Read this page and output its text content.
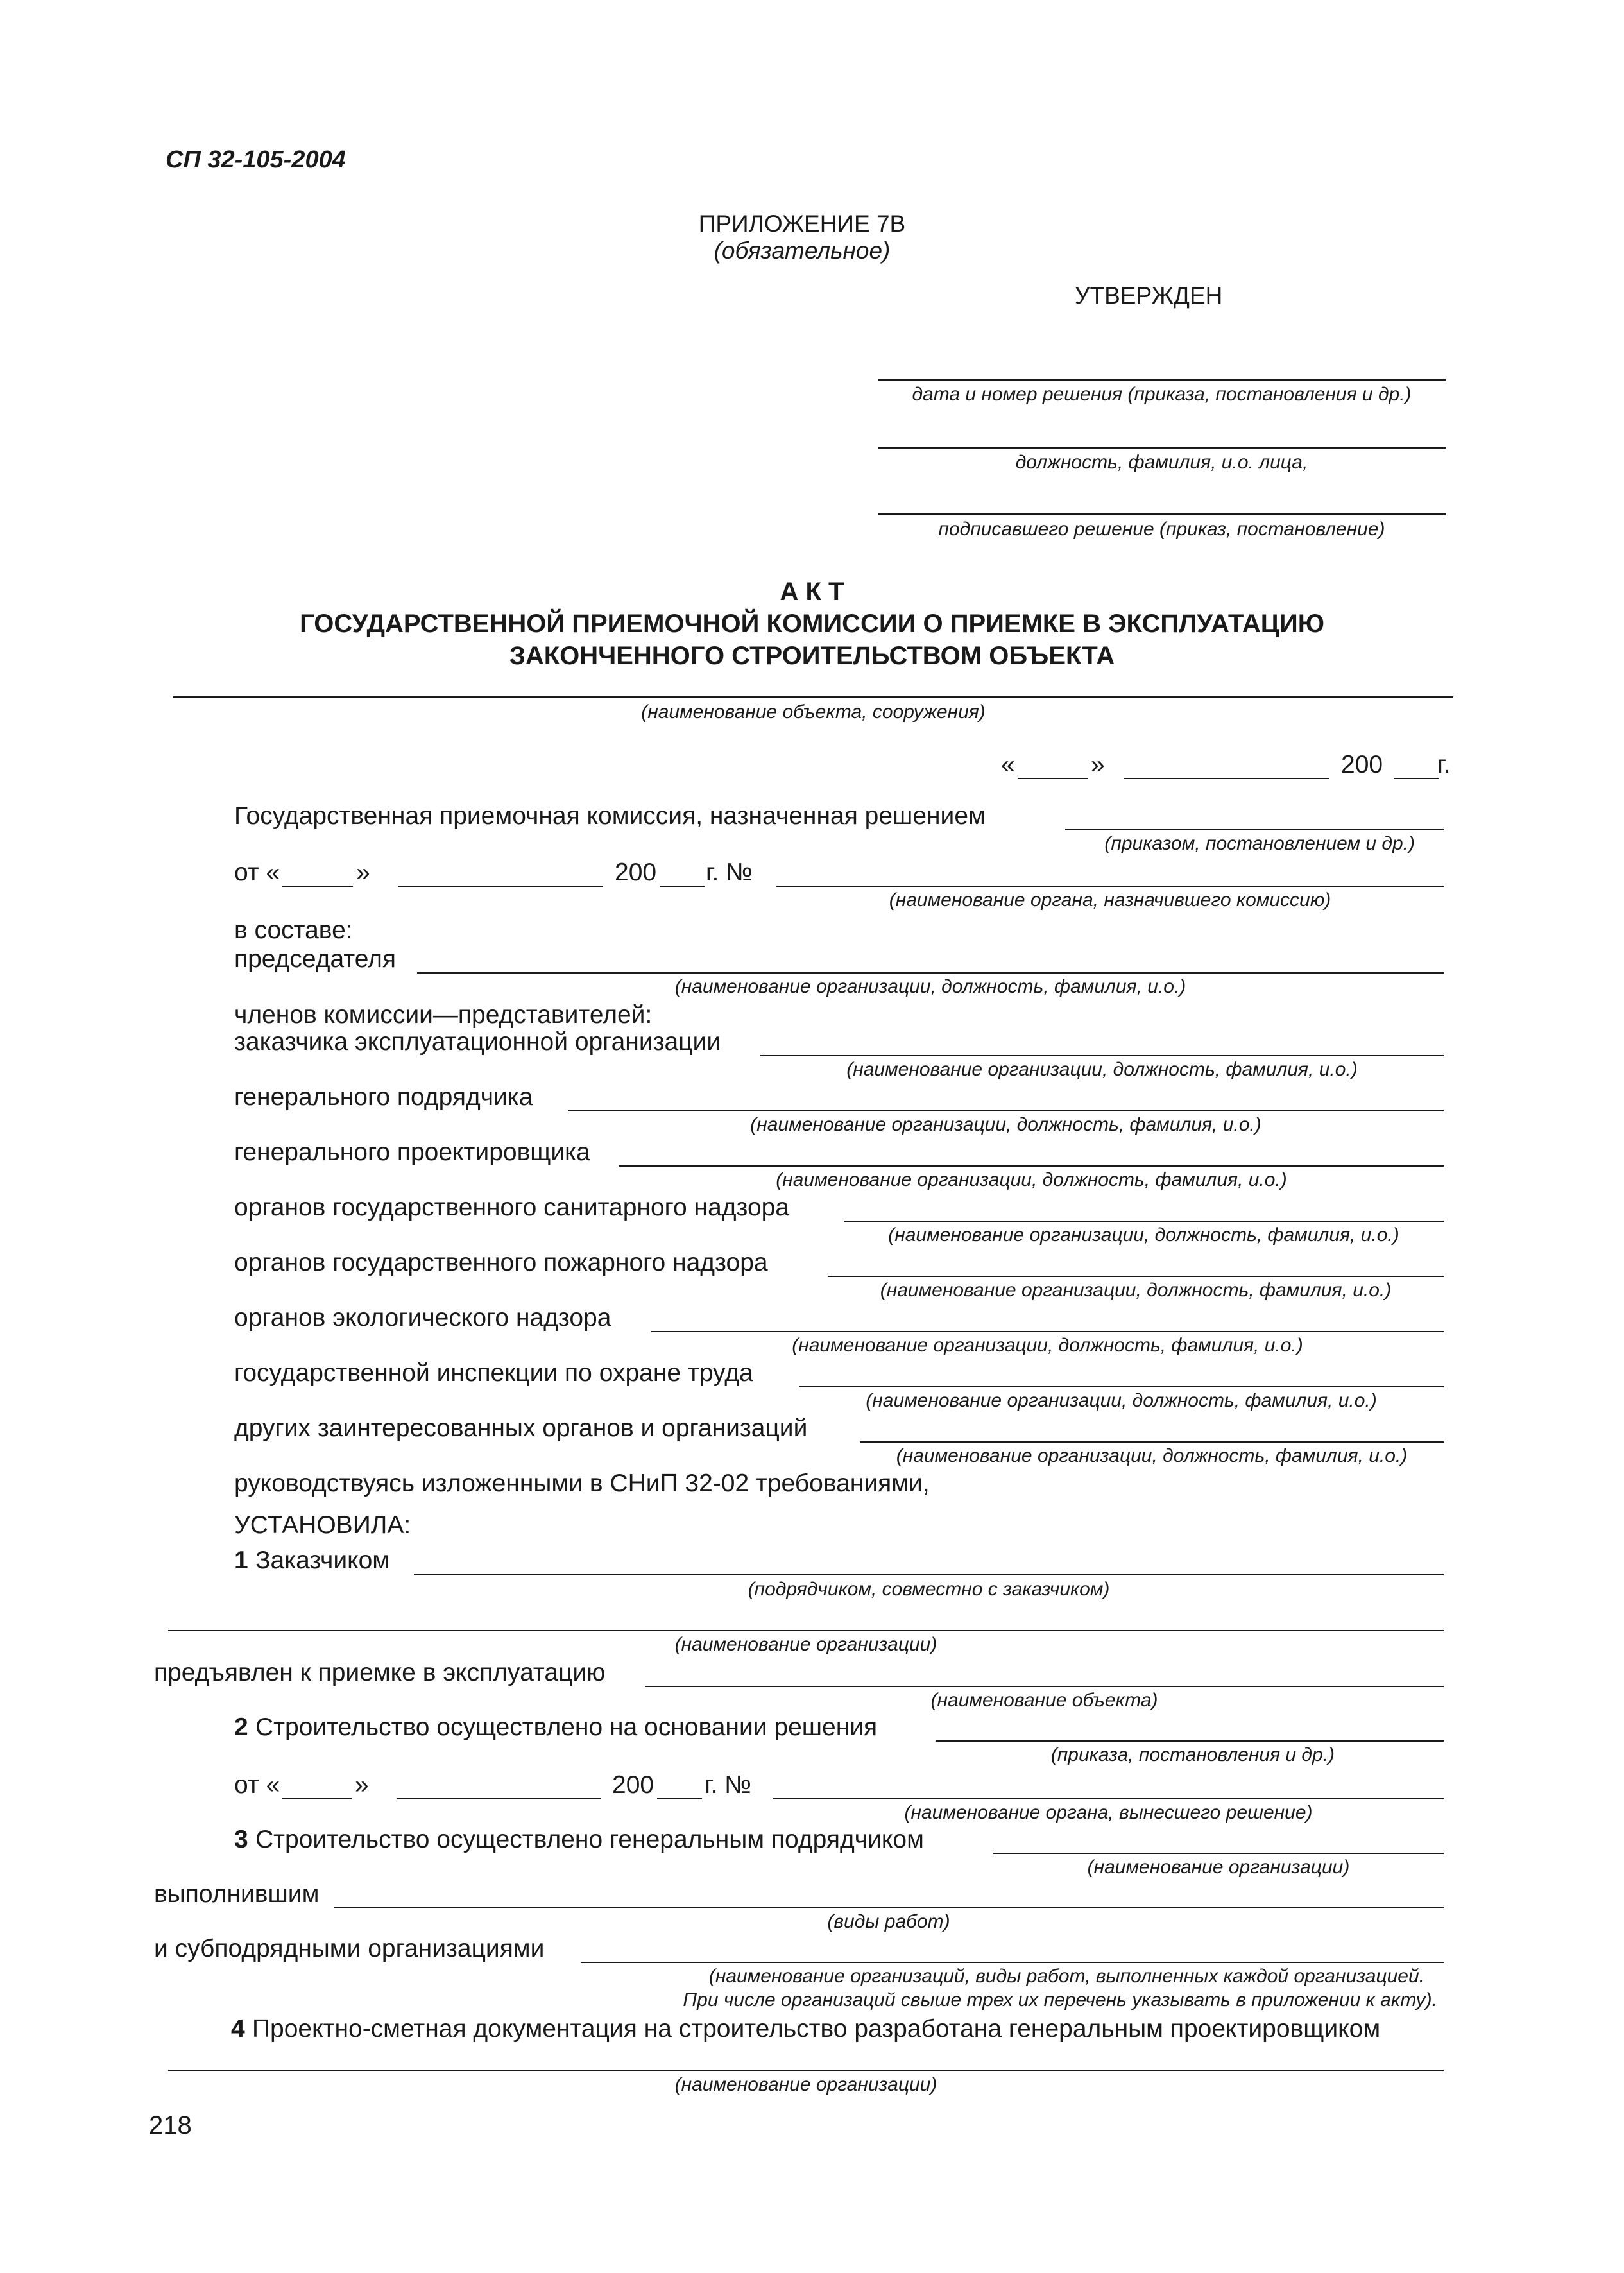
СП 32-105-2004
ПРИЛОЖЕНИЕ 7В
(обязательное)
УТВЕРЖДЕН
дата и номер решения (приказа, постановления и др.)
должность, фамилия, и.о. лица,
подписавшего решение (приказ, постановление)
А К Т
ГОСУДАРСТВЕННОЙ ПРИЕМОЧНОЙ КОМИССИИ О ПРИЕМКЕ В ЭКСПЛУАТАЦИЮ
ЗАКОНЧЕННОГО СТРОИТЕЛЬСТВОМ ОБЪЕКТА
(наименование объекта, сооружения)
«	»	200 г.
Государственная приемочная комиссия, назначенная решением
(приказом, постановлением и др.)
от «	»	200 г. №
(наименование органа, назначившего комиссию)
в составе:
председателя
(наименование организации, должность, фамилия, и.о.)
членов комиссии—представителей:
заказчика эксплуатационной организации
(наименование организации, должность, фамилия, и.о.)
генерального подрядчика
(наименование организации, должность, фамилия, и.о.)
генерального проектировщика
(наименование организации, должность, фамилия, и.о.)
органов государственного санитарного надзора
(наименование организации, должность, фамилия, и.о.)
органов государственного пожарного надзора
(наименование организации, должность, фамилия, и.о.)
органов экологического надзора
(наименование организации, должность, фамилия, и.о.)
государственной инспекции по охране труда
(наименование организации, должность, фамилия, и.о.)
других заинтересованных органов и организаций
(наименование организации, должность, фамилия, и.о.)
руководствуясь изложенными в СНиП 32-02 требованиями,
УСТАНОВИЛА:
1 Заказчиком
(подрядчиком, совместно с заказчиком)
(наименование организации)
предъявлен к приемке в эксплуатацию
(наименование объекта)
2 Строительство осуществлено на основании решения
(приказа, постановления и др.)
от «	»	200 г. №
(наименование органа, вынесшего решение)
3 Строительство осуществлено генеральным подрядчиком
(наименование организации)
выполнившим
(виды работ)
и субподрядными организациями
(наименование организаций, виды работ, выполненных каждой организацией.
При числе организаций свыше трех их перечень указывать в приложении к акту).
4 Проектно-сметная документация на строительство разработана генеральным проектировщиком
(наименование организации)
218
